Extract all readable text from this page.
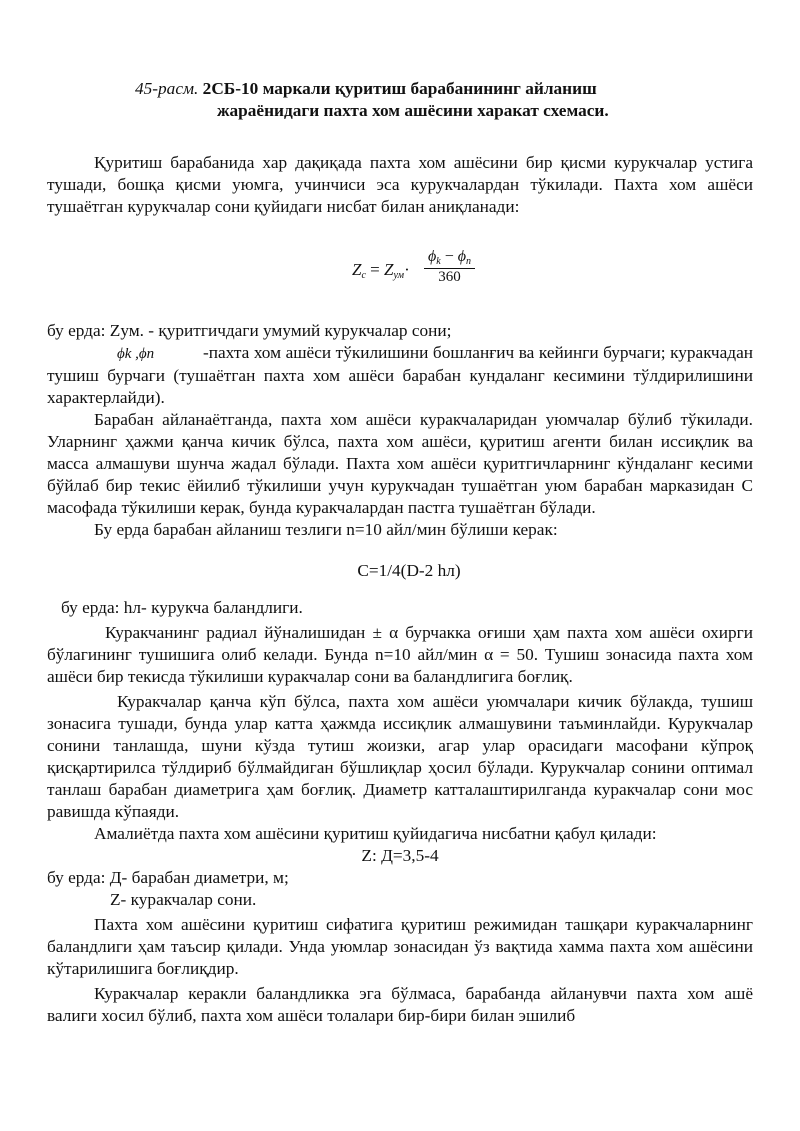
45-расм. 2СБ-10 маркали қуритиш барабанининг айланиш
жараёнидаги пахта хом ашёсини харакат схемаси.

Қуритиш барабанида хар дақиқада пахта хом ашёсини бир қисми курукчалар устига тушади, бошқа қисми уюмга, учинчиси эса курукчалардан тўкилади. Пахта хом ашёси тушаётган курукчалар сони қуйидаги нисбат билан аниқланади:

$Z_c = Z_{ум}\cdot$
$\phi_k - \phi_n$
360

бу ерда: Zум. - қуритгичдаги умумий курукчалар сони;

ϕk ,ϕn	-пахта хом ашёси тўкилишини бошланғич ва кейинги бурчаги; куракчадан тушиш бурчаги (тушаётган пахта хом ашёси барабан кундаланг кесимини тўлдирилишини характерлайди).

Барабан айланаётганда, пахта хом ашёси куракчаларидан уюмчалар бўлиб тўкилади. Уларнинг ҳажми қанча кичик бўлса, пахта хом ашёси, қуритиш агенти билан иссиқлик ва масса алмашуви шунча жадал бўлади. Пахта хом ашёси қуритгичларнинг кўндаланг кесими бўйлаб бир текис ёйилиб тўкилиши учун курукчадан тушаётган уюм барабан марказидан С масофада тўкилиши керак, бунда куракчалардан пастга тушаётган бўлади.

Бу ерда барабан айланиш тезлиги n=10 айл/мин бўлиши керак:

C=1/4(D-2 hл)

бу ерда: hл- курукча баландлиги.

Куракчанинг радиал йўналишидан ± α бурчакка оғиши ҳам пахта хом ашёси охирги бўлагининг тушишига олиб келади. Бунда n=10 айл/мин α = 50. Тушиш зонасида пахта хом ашёси бир текисда тўкилиши куракчалар сони ва баландлигига боғлиқ.

Куракчалар қанча кўп бўлса, пахта хом ашёси уюмчалари кичик бўлакда, тушиш зонасига тушади, бунда улар катта ҳажмда иссиқлик алмашувини таъминлайди. Курукчалар сонини танлашда, шуни кўзда тутиш жоизки, агар улар орасидаги масофани кўпроқ қисқартирилса тўлдириб бўлмайдиган бўшлиқлар ҳосил бўлади. Курукчалар сонини оптимал танлаш барабан диаметрига ҳам боғлиқ. Диаметр катталаштирилганда куракчалар сони мос равишда кўпаяди.

Амалиётда пахта хом ашёсини қуритиш қуйидагича нисбатни қабул қилади:

Z: Д=3,5-4

бу ерда: Д- барабан диаметри, м;

Z- куракчалар сони.

Пахта хом ашёсини қуритиш сифатига қуритиш режимидан ташқари куракчаларнинг баландлиги ҳам таъсир қилади. Унда уюмлар зонасидан ўз вақтида хамма пахта хом ашёсини кўтарилишига боғлиқдир.

Куракчалар керакли баландликка эга бўлмаса, барабанда айланувчи пахта хом ашё валиги хосил бўлиб, пахта хом ашёси толалари бир-бири билан эшилиб
